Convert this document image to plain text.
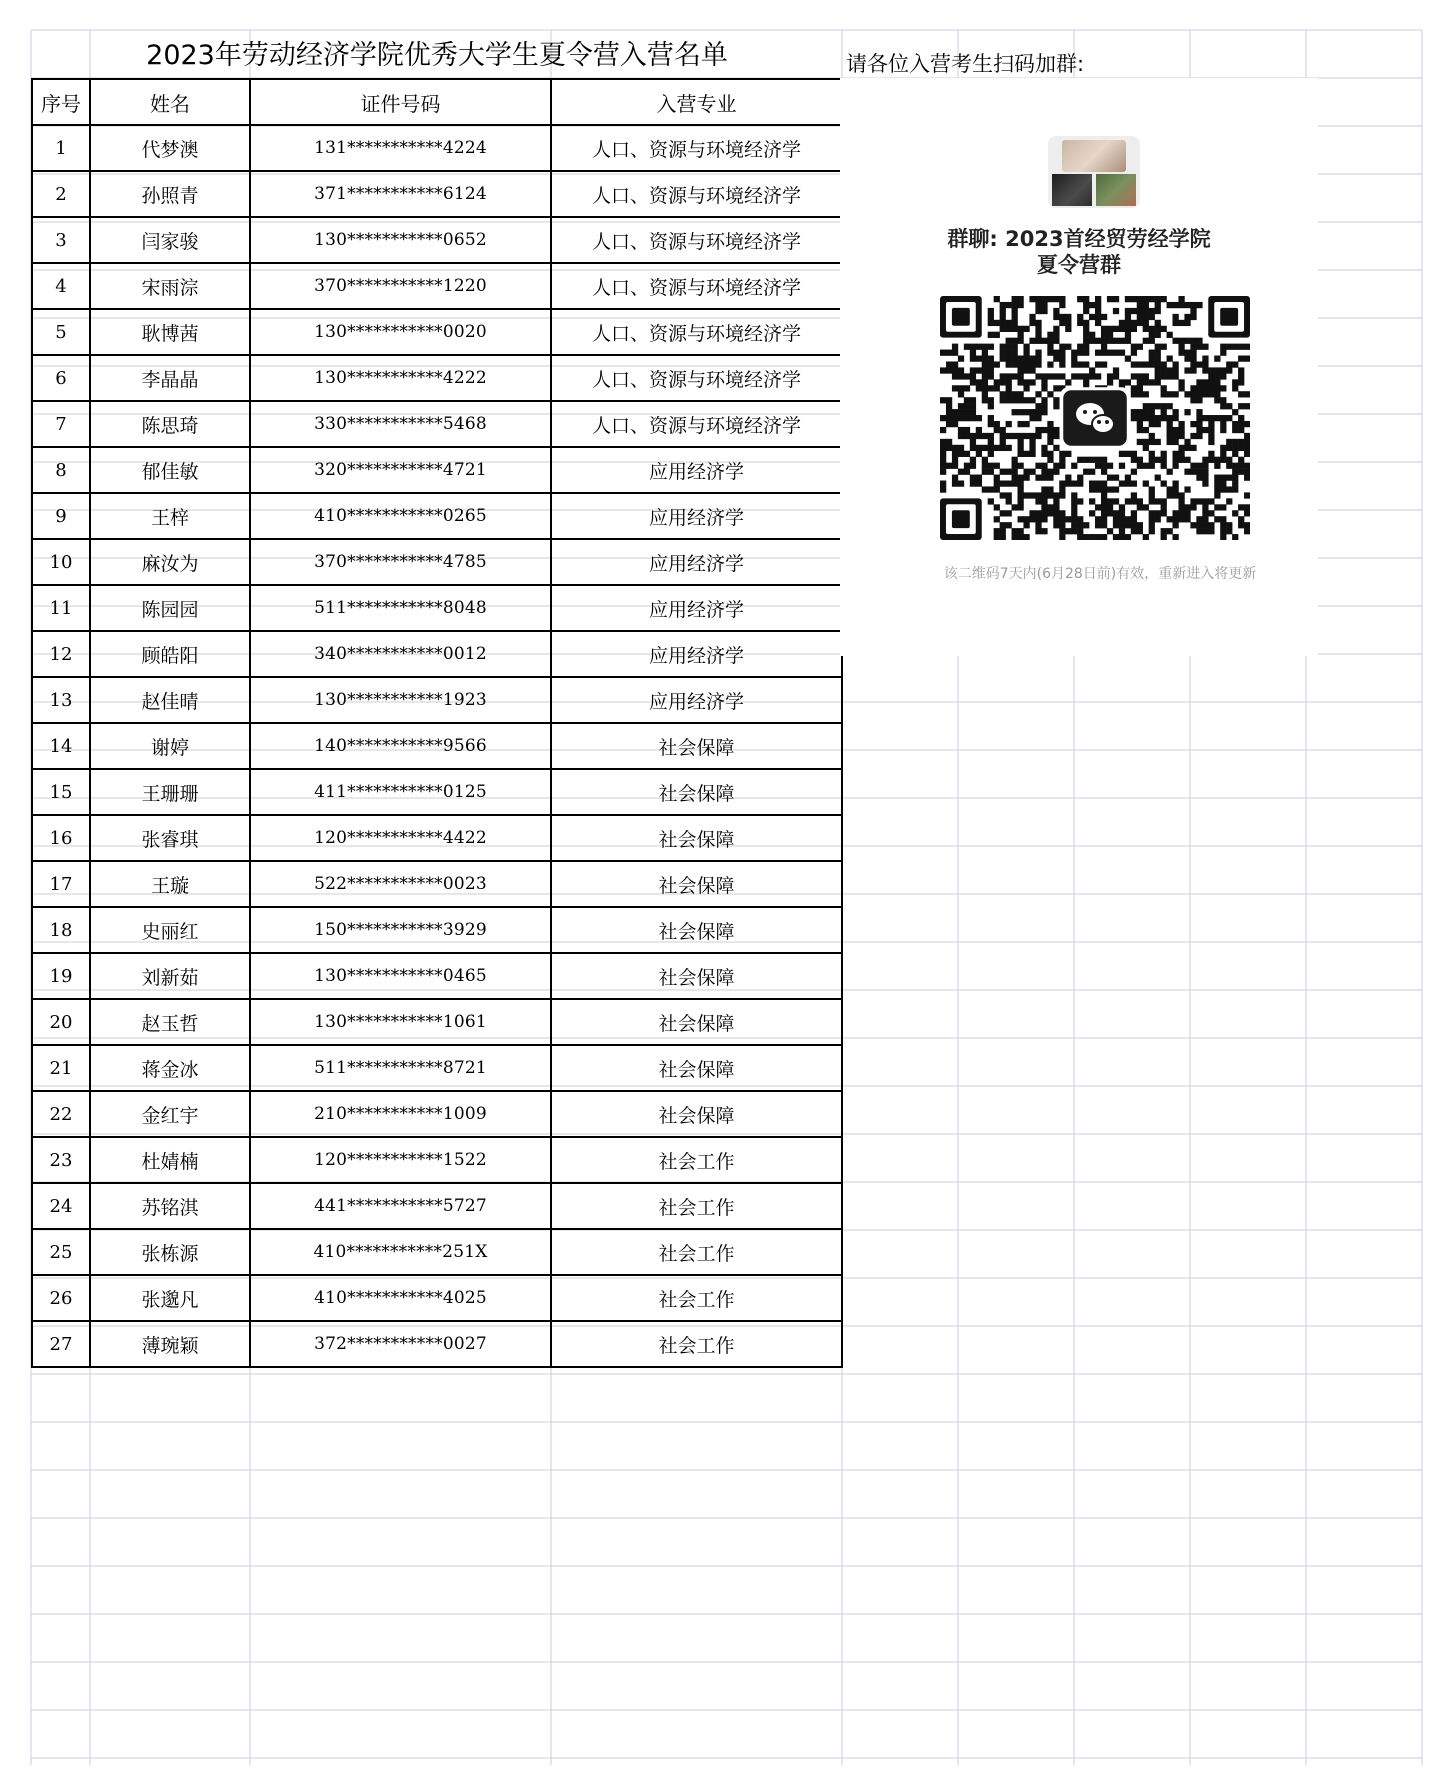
2023年劳动经济学院优秀大学生夏令营入营名单
序号	姓名	证件号码	入营专业
1	代梦澳	131***********4224	人口、资源与环境经济学
2	孙照青	371***********6124	人口、资源与环境经济学
3	闫家骏	130***********0652	人口、资源与环境经济学
4	宋雨淙	370***********1220	人口、资源与环境经济学
5	耿博茜	130***********0020	人口、资源与环境经济学
6	李晶晶	130***********4222	人口、资源与环境经济学
7	陈思琦	330***********5468	人口、资源与环境经济学
8	郁佳敏	320***********4721	应用经济学
9	王梓	410***********0265	应用经济学
10	麻汝为	370***********4785	应用经济学
11	陈园园	511***********8048	应用经济学
12	顾皓阳	340***********0012	应用经济学
13	赵佳晴	130***********1923	应用经济学
14	谢婷	140***********9566	社会保障
15	王珊珊	411***********0125	社会保障
16	张睿琪	120***********4422	社会保障
17	王璇	522***********0023	社会保障
18	史丽红	150***********3929	社会保障
19	刘新茹	130***********0465	社会保障
20	赵玉哲	130***********1061	社会保障
21	蒋金冰	511***********8721	社会保障
22	金红宇	210***********1009	社会保障
23	杜婧楠	120***********1522	社会工作
24	苏铭淇	441***********5727	社会工作
25	张栋源	410***********251X	社会工作
26	张邈凡	410***********4025	社会工作
27	薄琬颖	372***********0027	社会工作
请各位入营考生扫码加群:
群聊: 2023首经贸劳经学院
夏令营群
该二维码7天内(6月28日前)有效，重新进入将更新
